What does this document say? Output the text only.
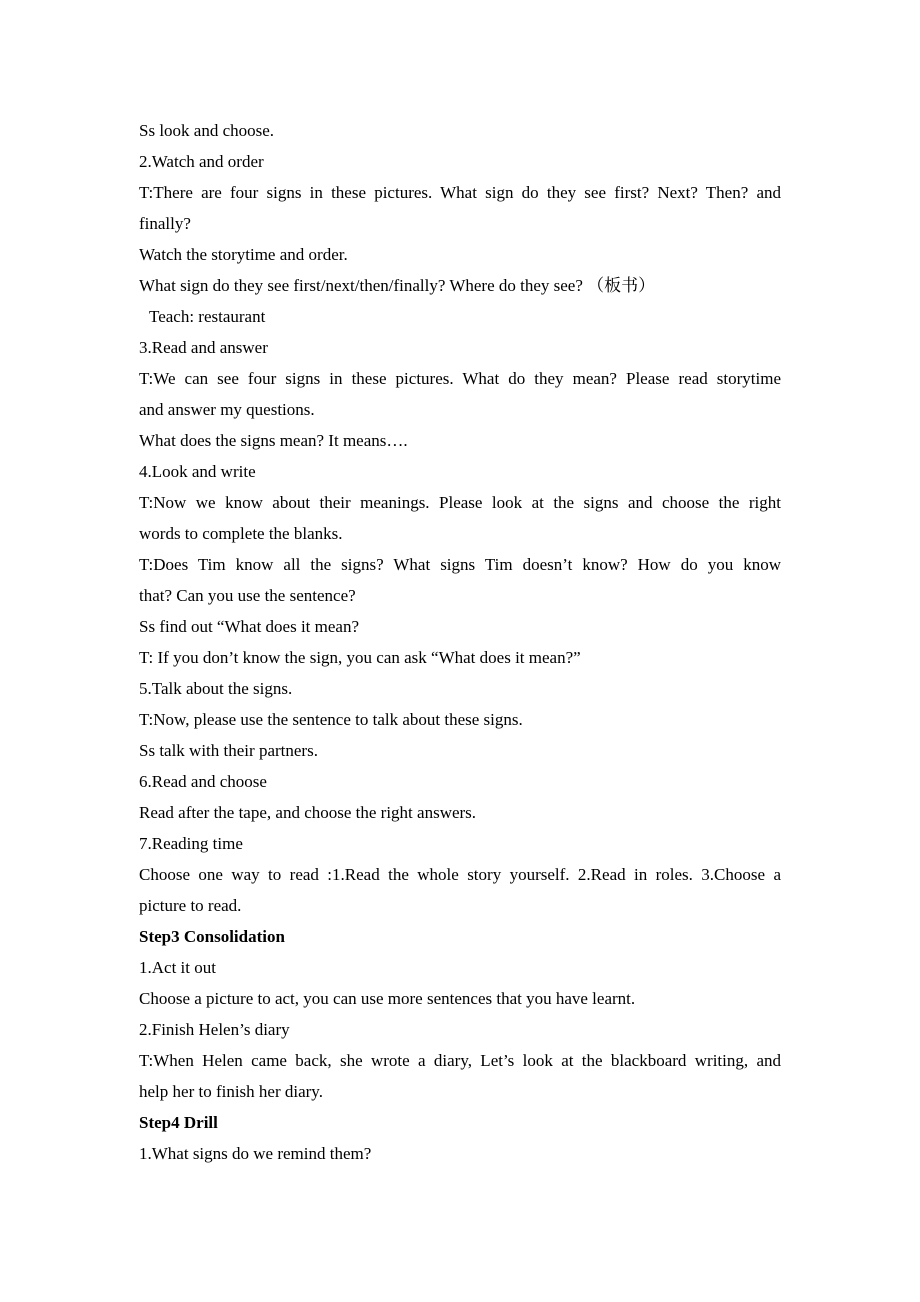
Ss look and choose.
2.Watch and order
T:There are four signs in these pictures. What sign do they see first? Next? Then? and
finally?
Watch the storytime and order.
What sign do they see first/next/then/finally? Where do they see? （板书）
Teach: restaurant
3.Read and answer
T:We can see four signs in these pictures. What do they mean? Please read storytime
and answer my questions.
What does the signs mean? It means….
4.Look and write
T:Now we know about their meanings. Please look at the signs and choose the right
words to complete the blanks.
T:Does Tim know all the signs? What signs Tim doesn’t know? How do you know
that? Can you use the sentence?
Ss find out “What does it mean?
T: If you don’t know the sign, you can ask “What does it mean?”
5.Talk about the signs.
T:Now, please use the sentence to talk about these signs.
Ss talk with their partners.
6.Read and choose
Read after the tape, and choose the right answers.
7.Reading time
Choose one way to read :1.Read the whole story yourself. 2.Read in roles. 3.Choose a
picture to read.
Step3 Consolidation
1.Act it out
Choose a picture to act, you can use more sentences that you have learnt.
2.Finish Helen’s diary
T:When Helen came back, she wrote a diary, Let’s look at the blackboard writing, and
help her to finish her diary.
Step4 Drill
1.What signs do we remind them?
